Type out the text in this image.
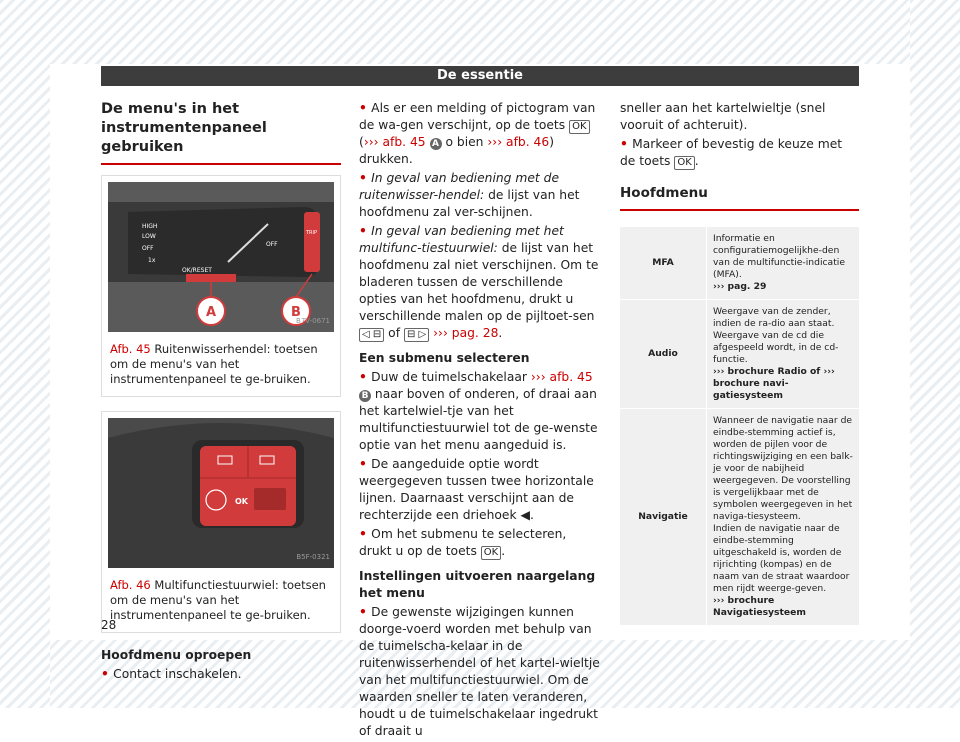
De essentie
De menu's in het instrumentenpaneel gebruiken
HIGH
LOW
OFF
1x
OK/RESET
OFF
TRIP
A	B
B7V-0671
Afb. 45 Ruitenwisserhendel: toetsen om de menu's van het instrumentenpaneel te ge-bruiken.
OK
B5F-0321
Afb. 46 Multifunctiestuurwiel: toetsen om de menu's van het instrumentenpaneel te ge-bruiken.

Hoofdmenu oproepen

• Contact inschakelen.

• Als er een melding of pictogram van de wa-gen verschijnt, op de toets OK (››› afb. 45 A o bien ››› afb. 46) drukken.

• In geval van bediening met de ruitenwisser-hendel: de lijst van het hoofdmenu zal ver-schijnen.

• In geval van bediening met het multifunc-tiestuurwiel: de lijst van het hoofdmenu zal niet verschijnen. Om te bladeren tussen de verschillende opties van het hoofdmenu, drukt u verschillende malen op de pijltoet-sen ◁ ⊟ of ⊟ ▷ ››› pag. 28.

Een submenu selecteren

• Duw de tuimelschakelaar ››› afb. 45 B naar boven of onderen, of draai aan het kartelwiel-tje van het multifunctiestuurwiel tot de ge-wenste optie van het menu aangeduid is.

• De aangeduide optie wordt weergegeven tussen twee horizontale lijnen. Daarnaast verschijnt aan de rechterzijde een driehoek ◀.

• Om het submenu te selecteren, drukt u op de toets OK .

Instellingen uitvoeren naargelang het menu

• De gewenste wijzigingen kunnen doorge-voerd worden met behulp van de tuimelscha-kelaar in de ruitenwisserhendel of het kartel-wieltje van het multifunctiestuurwiel. Om de waarden sneller te laten veranderen, houdt u de tuimelschakelaar ingedrukt of draait u

sneller aan het kartelwieltje (snel vooruit of achteruit).

• Markeer of bevestig de keuze met de toets OK .

Hoofdmenu
MFA	Informatie en configuratiemogelijkhe-den van de multifunctie-indicatie (MFA).
››› pag. 29

Audio	Weergave van de zender, indien de ra-dio aan staat.
Weergave van de cd die afgespeeld wordt, in de cd-functie.
››› brochure Radio of ››› brochure navi-gatiesysteem

Navigatie	Wanneer de navigatie naar de eindbe-stemming actief is, worden de pijlen voor de richtingswijziging en een balk-je voor de nabijheid weergegeven. De voorstelling is vergelijkbaar met de symbolen weergegeven in het naviga-tiesysteem.
Indien de navigatie naar de eindbe-stemming uitgeschakeld is, worden de rijrichting (kompas) en de naam van de straat waardoor men rijdt weerge-geven.
››› brochure Navigatiesysteem
28
